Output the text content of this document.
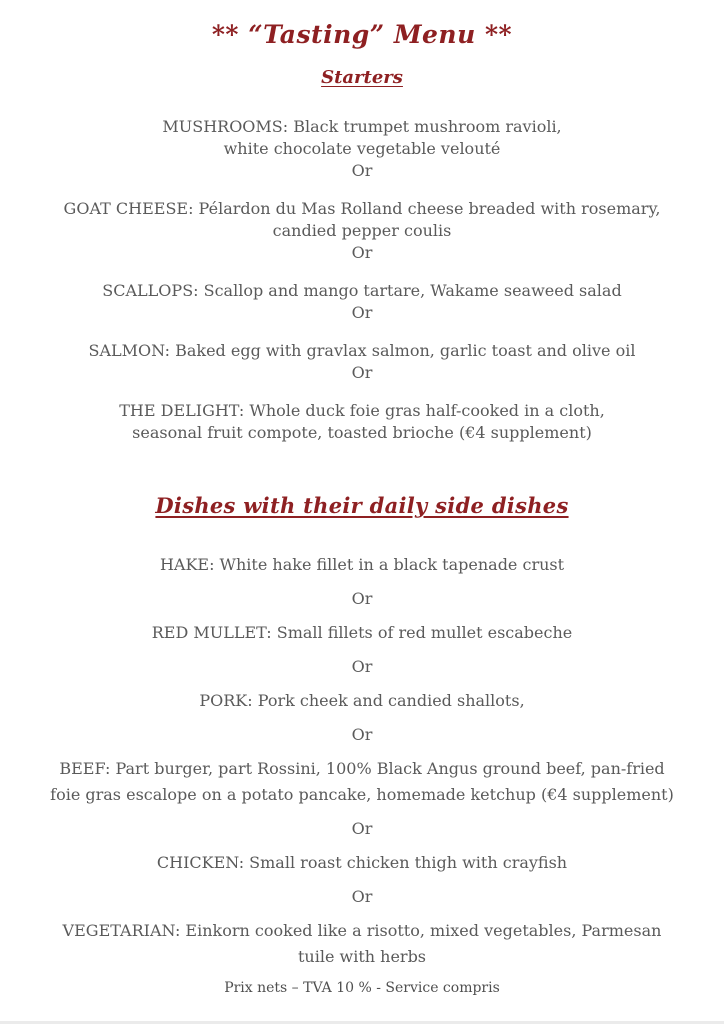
** “Tasting” Menu **
Starters
MUSHROOMS: Black trumpet mushroom ravioli,
white chocolate vegetable velouté
Or
GOAT CHEESE: Pélardon du Mas Rolland cheese breaded with rosemary,
candied pepper coulis
Or
SCALLOPS: Scallop and mango tartare, Wakame seaweed salad
Or
SALMON: Baked egg with gravlax salmon, garlic toast and olive oil
Or
THE DELIGHT: Whole duck foie gras half-cooked in a cloth,
seasonal fruit compote, toasted brioche (€4 supplement)
Dishes with their daily side dishes
HAKE: White hake fillet in a black tapenade crust
Or
RED MULLET: Small fillets of red mullet escabeche
Or
PORK: Pork cheek and candied shallots,
Or
BEEF: Part burger, part Rossini, 100% Black Angus ground beef, pan-fried
foie gras escalope on a potato pancake, homemade ketchup (€4 supplement)
Or
CHICKEN: Small roast chicken thigh with crayfish
Or
VEGETARIAN: Einkorn cooked like a risotto, mixed vegetables, Parmesan
tuile with herbs
Prix nets – TVA 10 % - Service compris
